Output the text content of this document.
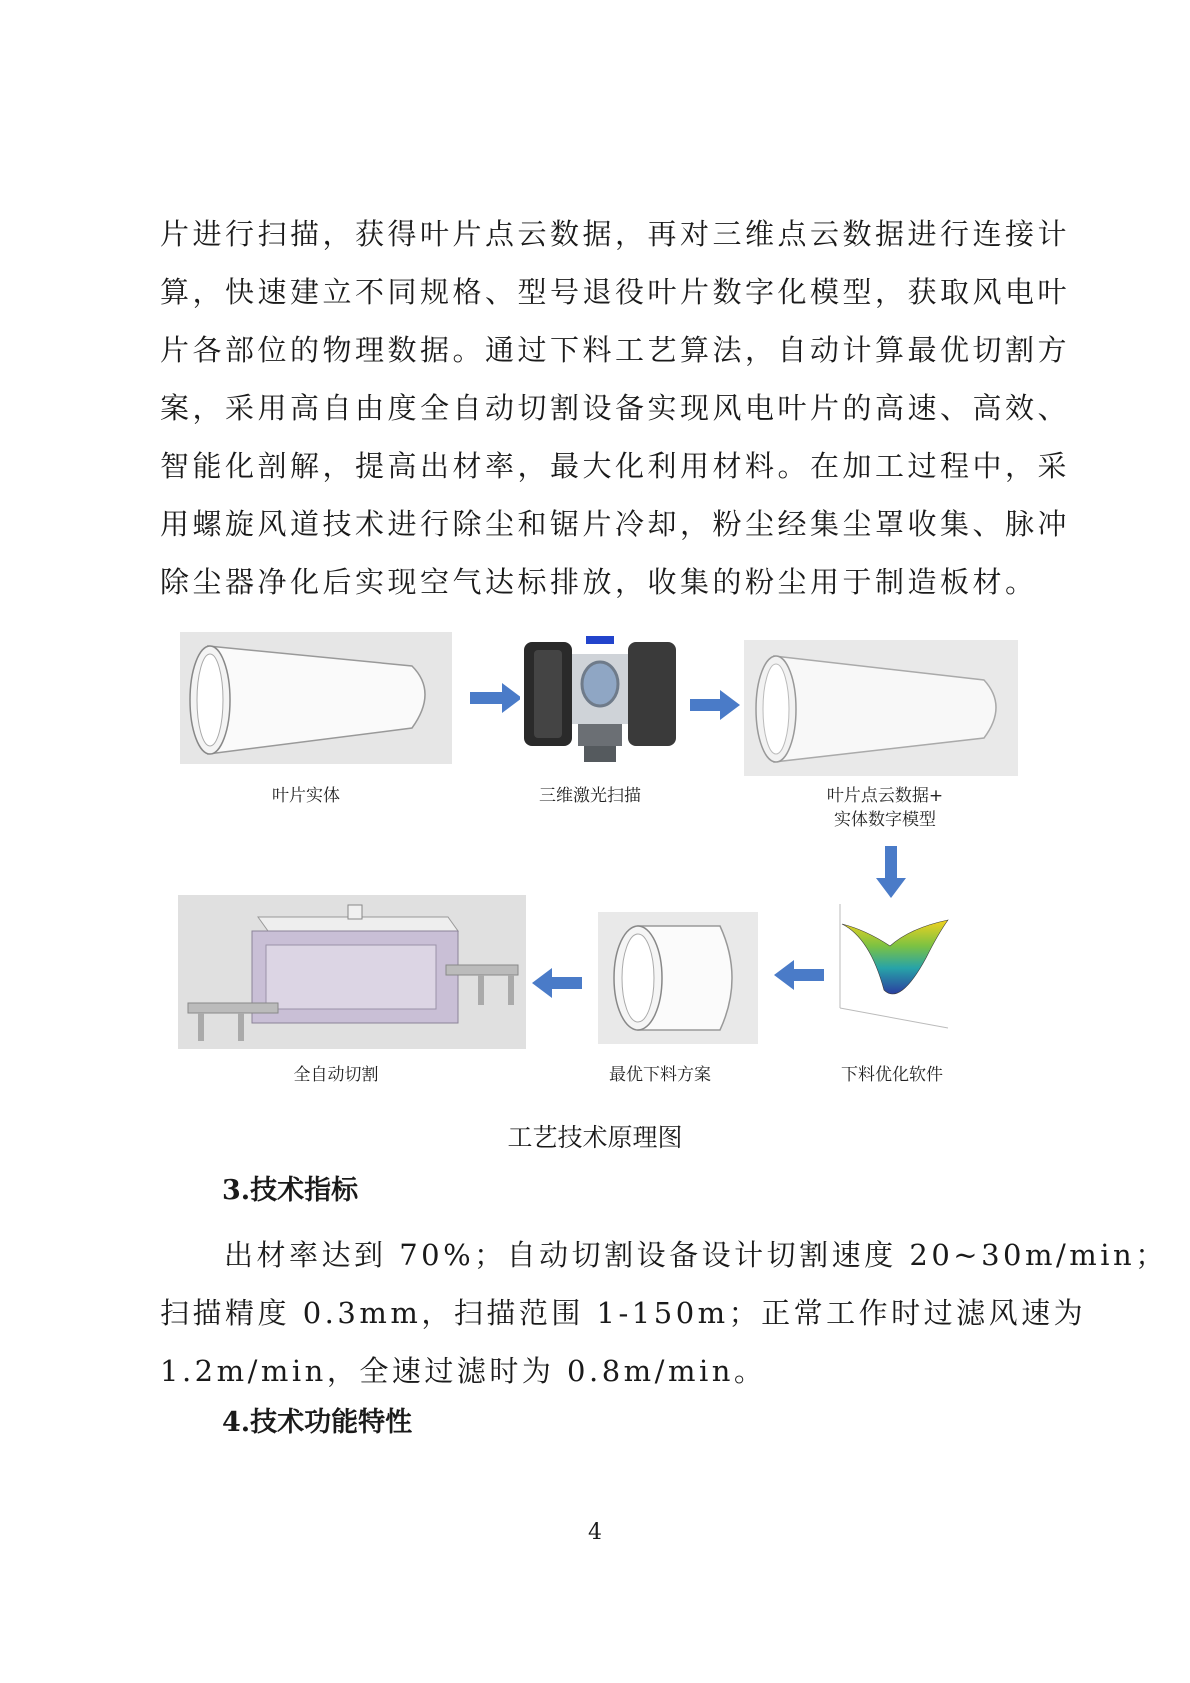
片进行扫描，获得叶片点云数据，再对三维点云数据进行连接计

算，快速建立不同规格、型号退役叶片数字化模型，获取风电叶

片各部位的物理数据。通过下料工艺算法，自动计算最优切割方

案，采用高自由度全自动切割设备实现风电叶片的高速、高效、

智能化剖解，提高出材率，最大化利用材料。在加工过程中，采

用螺旋风道技术进行除尘和锯片冷却，粉尘经集尘罩收集、脉冲

除尘器净化后实现空气达标排放，收集的粉尘用于制造板材。

叶片实体	三维激光扫描	叶片点云数据+
实体数字模型
全自动切割	最优下料方案	下料优化软件
工艺技术原理图
3.技术指标

出材率达到 70%；自动切割设备设计切割速度 20~30m/min；

扫描精度 0.3mm，扫描范围 1-150m；正常工作时过滤风速为

1.2m/min，全速过滤时为 0.8m/min。

4.技术功能特性
4
